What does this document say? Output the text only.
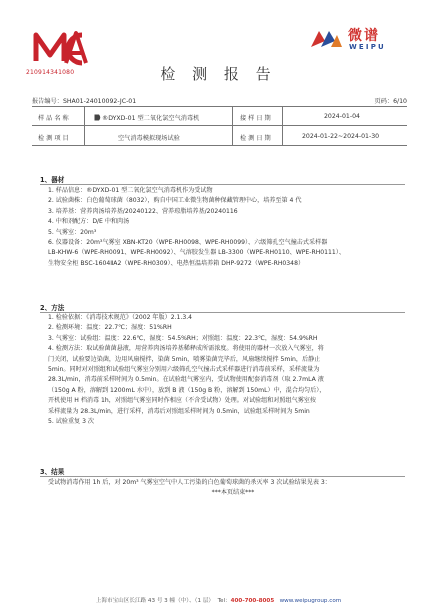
210914341080
微谱
WEIPU
检 测 报 告
报告编号：SHA01-24010092-JC-01	页码：6/10
样品名称	®DYXD-01 型二氧化氯空气消毒机	接样日期	2024-01-04
检测项目	空气消毒模拟现场试验	检测日期	2024-01-22~2024-01-30
1、器材
1. 样品信息：®DYXD-01 型二氧化氯空气消毒机作为受试物
2. 试验菌株：白色葡萄球菌（8032），购自中国工业微生物菌种保藏管理中心，培养至第 4 代
3. 培养基：营养肉汤培养基/20240122、营养琼脂培养基/20240116
4. 中和剂配方：D/E 中和肉汤
5. 气雾室：20m³
6. 仪器设备：20m³气雾室 XBN-KT20（WPE-RH0098、WPE-RH0099）、六级筛孔空气撞击式采样器
LB-KHW-6（WPE-RH0091、WPE-RH0092）、气溶胶发生器 LB-3300（WPE-RH0110、WPE-RH0111）、
生物安全柜 BSC-1604ⅡA2（WPE-RH0309）、电热恒温培养箱 DHP-9272（WPE-RH0348）
2、方法
1. 检验依据：《消毒技术规范》（2002 年版）2.1.3.4
2. 检测环境：温度：22.7℃；湿度：51%RH
3. 气雾室：试验组：温度：22.6℃，湿度：54.5%RH；对照组：温度：22.3℃，湿度：54.9%RH
4. 检测方法：取试验菌菌悬液，用营养肉汤培养基稀释成所需浓度。将使用的器材一次放入气雾室，将
门关闭，试验要边染菌，边用风扇搅拌，染菌 5min，喷雾染菌完毕后，风扇继续搅拌 5min，后静止
5min。同时对对照组和试验组气雾室分别用六级筛孔空气撞击式采样器进行消毒前采样，采样流量为
28.3L/min，消毒前采样时间为 0.5min。在试验组气雾室内，受试物使用配套消毒剂（取 2.7mLA 液
（150g A 粉，溶解到 1200mL 水中），放到 B 液（150g B 粉，溶解到 150mL）中，混合均匀后），
开机使用 H 档消毒 1h，对照组气雾室同时作相应（不含受试物）处理。对试验组和对照组气雾室按
采样流量为 28.3L/min，进行采样，消毒后对照组采样时间为 0.5min，试验组采样时间为 5min
5. 试验重复 3 次
3、结果
受试物消毒作用 1h 后，对 20m³ 气雾室空气中人工污染的白色葡萄球菌的杀灭率 3 次试验结果见表 3：
***本页结束***
上海市宝山区长江路 43 号 3 幢（中）、（1 层） Tel：400-700-8005 www.weipugroup.com
